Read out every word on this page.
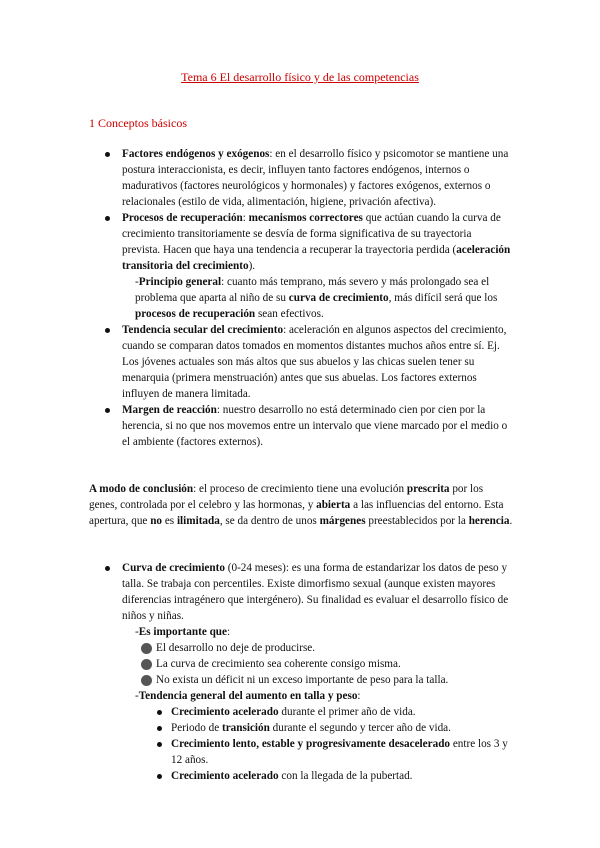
Tema 6 El desarrollo físico y de las competencias
1 Conceptos básicos
Factores endógenos y exógenos: en el desarrollo físico y psicomotor se mantiene una postura interaccionista, es decir, influyen tanto factores endógenos, internos o madurativos (factores neurológicos y hormonales) y factores exógenos, externos o relacionales (estilo de vida, alimentación, higiene, privación afectiva).
Procesos de recuperación: mecanismos correctores que actúan cuando la curva de crecimiento transitoriamente se desvía de forma significativa de su trayectoria prevista. Hacen que haya una tendencia a recuperar la trayectoria perdida (aceleración transitoria del crecimiento).
-Principio general: cuanto más temprano, más severo y más prolongado sea el problema que aparta al niño de su curva de crecimiento, más difícil será que los procesos de recuperación sean efectivos.
Tendencia secular del crecimiento: aceleración en algunos aspectos del crecimiento, cuando se comparan datos tomados en momentos distantes muchos años entre sí. Ej. Los jóvenes actuales son más altos que sus abuelos y las chicas suelen tener su menarquia (primera menstruación) antes que sus abuelas. Los factores externos influyen de manera limitada.
Margen de reacción: nuestro desarrollo no está determinado cien por cien por la herencia, si no que nos movemos entre un intervalo que viene marcado por el medio o el ambiente (factores externos).
A modo de conclusión: el proceso de crecimiento tiene una evolución prescrita por los genes, controlada por el celebro y las hormonas, y abierta a las influencias del entorno. Esta apertura, que no es ilimitada, se da dentro de unos márgenes preestablecidos por la herencia.
Curva de crecimiento (0-24 meses): es una forma de estandarizar los datos de peso y talla. Se trabaja con percentiles. Existe dimorfismo sexual (aunque existen mayores diferencias intragénero que intergénero). Su finalidad es evaluar el desarrollo físico de niños y niñas.
-Es importante que:
El desarrollo no deje de producirse.
La curva de crecimiento sea coherente consigo misma.
No exista un déficit ni un exceso importante de peso para la talla.
-Tendencia general del aumento en talla y peso:
Crecimiento acelerado durante el primer año de vida.
Periodo de transición durante el segundo y tercer año de vida.
Crecimiento lento, estable y progresivamente desacelerado entre los 3 y 12 años.
Crecimiento acelerado con la llegada de la pubertad.
